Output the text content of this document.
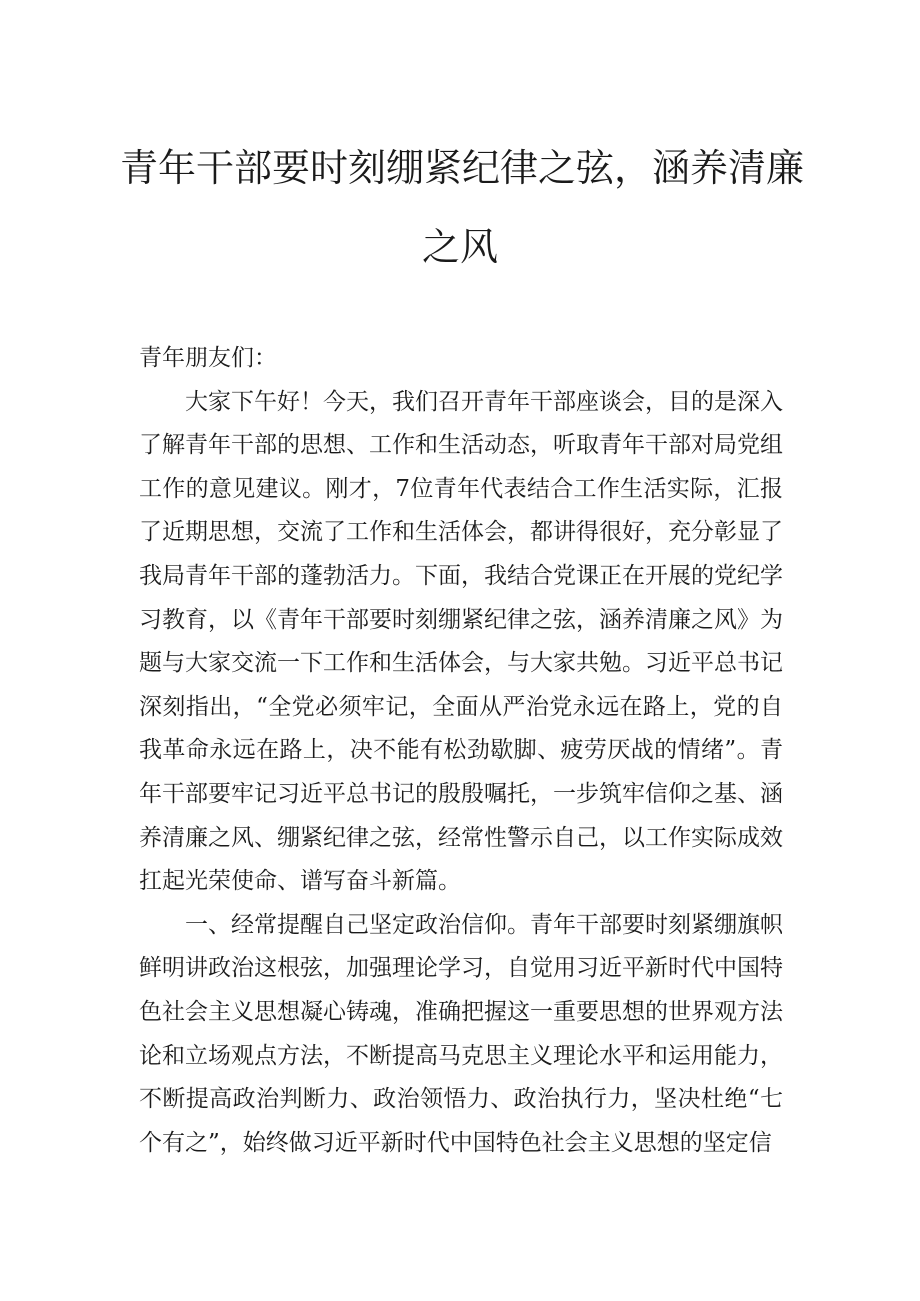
青年干部要时刻绷紧纪律之弦，涵养清廉
之风

青年朋友们：

大家下午好！今天，我们召开青年干部座谈会，目的是深入了解青年干部的思想、工作和生活动态，听取青年干部对局党组工作的意见建议。刚才，7位青年代表结合工作生活实际，汇报了近期思想，交流了工作和生活体会，都讲得很好，充分彰显了我局青年干部的蓬勃活力。下面，我结合党课正在开展的党纪学习教育，以《青年干部要时刻绷紧纪律之弦，涵养清廉之风》为题与大家交流一下工作和生活体会，与大家共勉。习近平总书记深刻指出，“全党必须牢记，全面从严治党永远在路上，党的自我革命永远在路上，决不能有松劲歇脚、疲劳厌战的情绪”。青年干部要牢记习近平总书记的殷殷嘱托，一步筑牢信仰之基、涵养清廉之风、绷紧纪律之弦，经常性警示自己，以工作实际成效扛起光荣使命、谱写奋斗新篇。

一、经常提醒自己坚定政治信仰。青年干部要时刻紧绷旗帜鲜明讲政治这根弦，加强理论学习，自觉用习近平新时代中国特色社会主义思想凝心铸魂，准确把握这一重要思想的世界观方法论和立场观点方法，不断提高马克思主义理论水平和运用能力，不断提高政治判断力、政治领悟力、政治执行力，坚决杜绝“七个有之”，始终做习近平新时代中国特色社会主义思想的坚定信
